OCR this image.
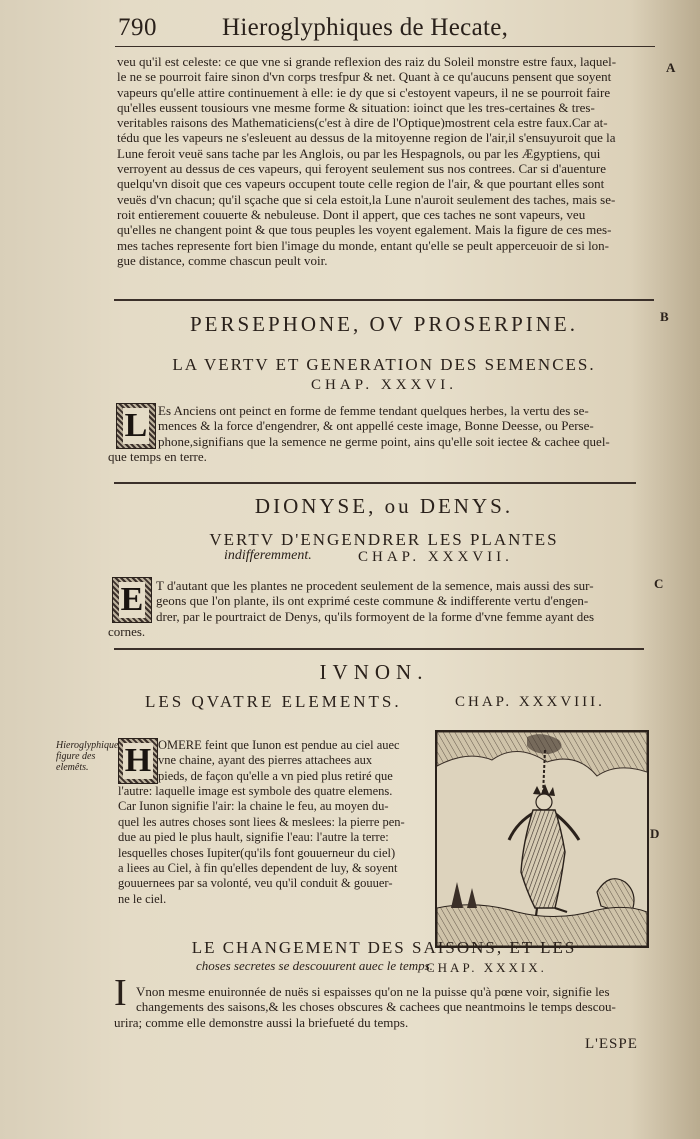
790	Hieroglyphiques de Hecate,

veu qu'il est celeste: ce que vne si grande reflexion des raiz du Soleil monstre estre faux, laquel-

le ne se pourroit faire sinon d'vn corps tresfpur & net. Quant à ce qu'aucuns pensent que soyent

vapeurs qu'elle attire continuement à elle: ie dy que si c'estoyent vapeurs, il ne se pourroit faire

qu'elles eussent tousiours vne mesme forme & situation: ioinct que les tres-certaines & tres-

veritables raisons des Mathematiciens(c'est à dire de l'Optique)mostrent cela estre faux.Car at-

tédu que les vapeurs ne s'esleuent au dessus de la mitoyenne region de l'air,il s'ensuyuroit que la

Lune feroit veuë sans tache par les Anglois, ou par les Hespagnols, ou par les Ægyptiens, qui

verroyent au dessus de ces vapeurs, qui feroyent seulement sus nos contrees. Car si d'auenture

quelqu'vn disoit que ces vapeurs occupent toute celle region de l'air, & que pourtant elles sont

veuës d'vn chacun; qu'il sçache que si cela estoit,la Lune n'auroit seulement des taches, mais se-

roit entierement couuerte & nebuleuse. Dont il appert, que ces taches ne sont vapeurs, veu

qu'elles ne changent point & que tous peuples les voyent egalement. Mais la figure de ces mes-

mes taches represente fort bien l'image du monde, entant qu'elle se peult apperceuoir de si lon-

gue distance, comme chascun peult voir.

A
B
C
D
PERSEPHONE, OV PROSERPINE.
LA VERTV ET GENERATION DES SEMENCES.
CHAP. XXXVI.
L Es Anciens ont peinct en forme de femme tendant quelques herbes, la vertu des se-

mences & la force d'engendrer, & ont appellé ceste image, Bonne Deesse, ou Perse-

phone,signifians que la semence ne germe point, ains qu'elle soit iectee & cachee quel-

que temps en terre.

DIONYSE, ou DENYS.
VERTV D'ENGENDRER LES PLANTES
indifferemment.	CHAP. XXXVII.
E T d'autant que les plantes ne procedent seulement de la semence, mais aussi des sur-

geons que l'on plante, ils ont exprimé ceste commune & indifferente vertu d'engen-

drer, par le pourtraict de Denys, qu'ils formoyent de la forme d'vne femme ayant des

cornes.

IVNON.
LES QVATRE ELEMENTS.	CHAP. XXXVIII.
Hieroglyphique figure des elemêts.	H OMERE feint que Iunon est pendue au ciel auec

vne chaine, ayant des pierres attachees aux

pieds, de façon qu'elle a vn pied plus retiré que

l'autre: laquelle image est symbole des quatre elemens.

Car Iunon signifie l'air: la chaine le feu, au moyen du-

quel les autres choses sont liees & meslees: la pierre pen-

due au pied le plus hault, signifie l'eau: l'autre la terre:

lesquelles choses Iupiter(qu'ils font gouuerneur du ciel)

a liees au Ciel, à fin qu'elles dependent de luy, & soyent

gouuernees par sa volonté, veu qu'il conduit & gouuer-

ne le ciel.

LE CHANGEMENT DES SAISONS, ET LES
choses secretes se descouurent auec le temps.
CHAP. XXXIX.
I Vnon mesme enuironnée de nuës si espaisses qu'on ne la puisse qu'à pœne voir, signifie les

changements des saisons,& les choses obscures & cachees que neantmoins le temps descou-

urira; comme elle demonstre aussi la briefueté du temps.

L'ESPE
